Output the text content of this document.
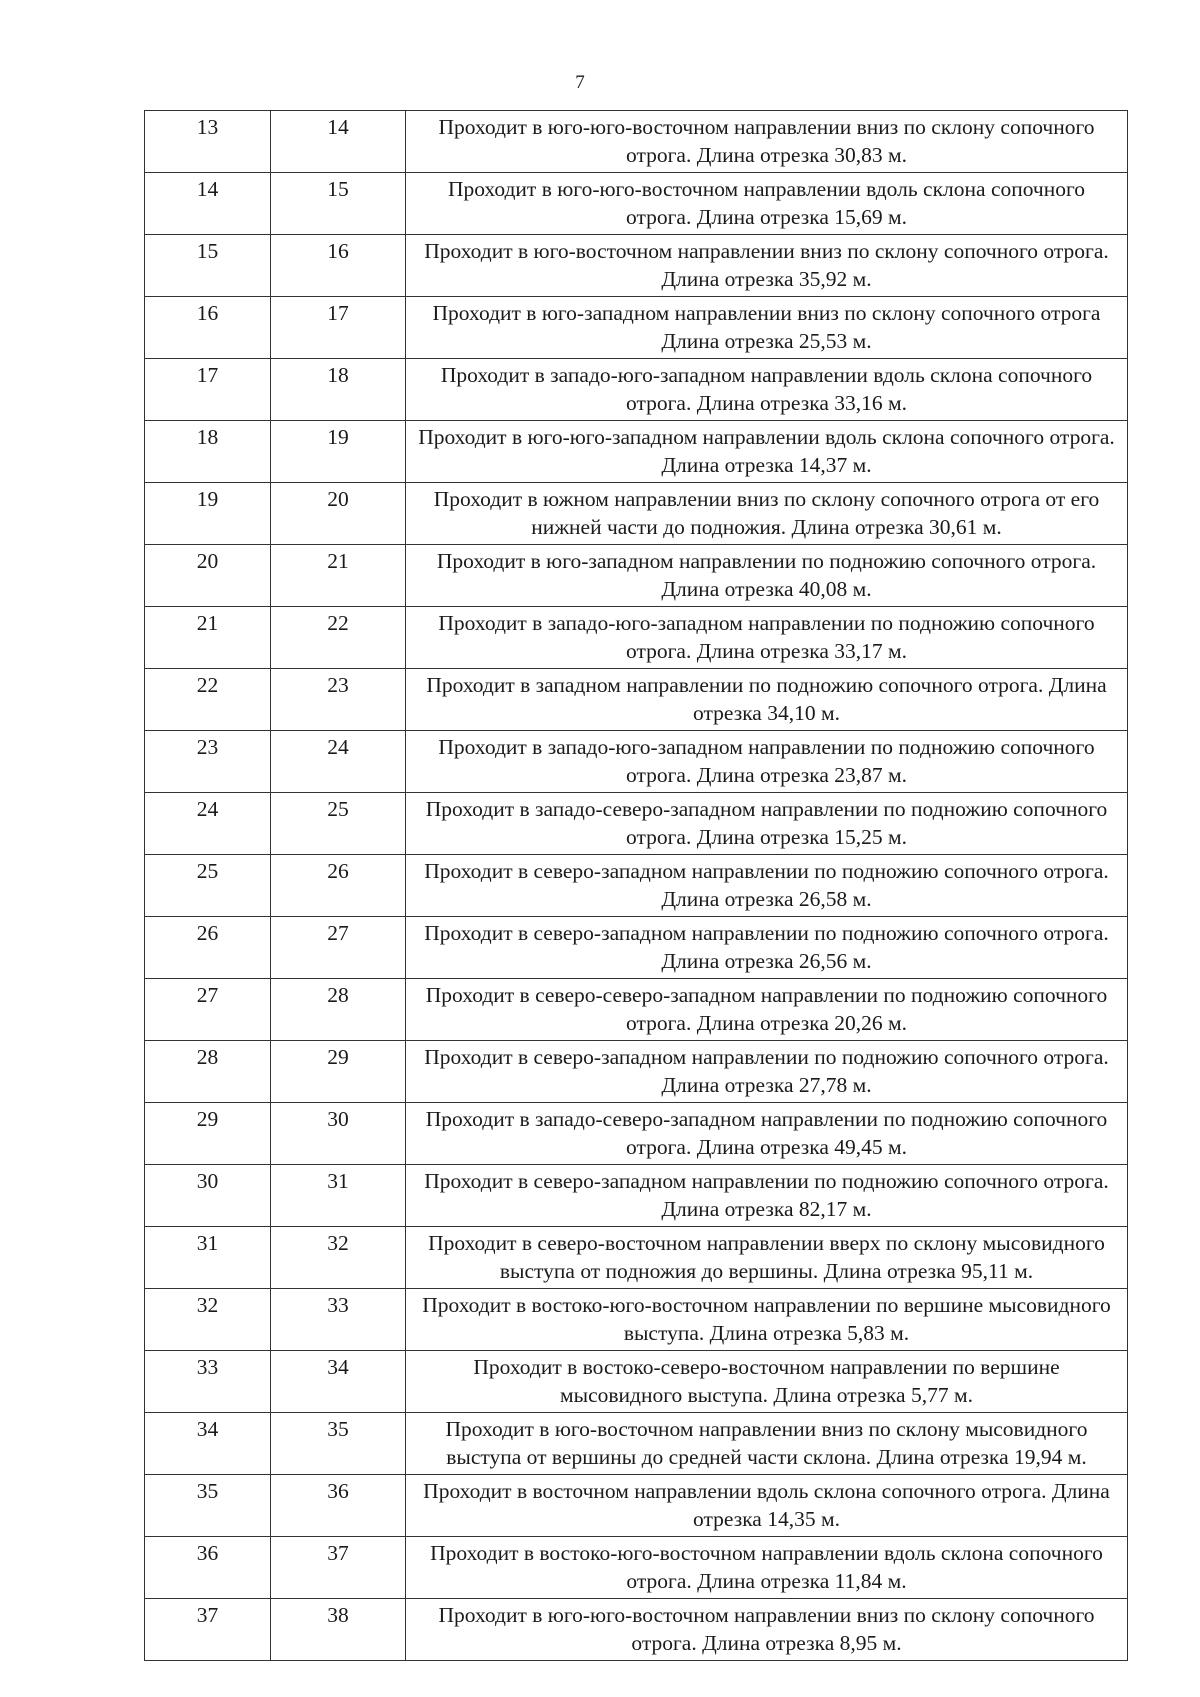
7
13	14	Проходит в юго-юго-восточном направлении вниз по склону сопочного отрога. Длина отрезка 30,83 м.
14	15	Проходит в юго-юго-восточном направлении вдоль склона сопочного отрога. Длина отрезка 15,69 м.
15	16	Проходит в юго-восточном направлении вниз по склону сопочного отрога. Длина отрезка 35,92 м.
16	17	Проходит в юго-западном направлении вниз по склону сопочного отрога Длина отрезка 25,53 м.
17	18	Проходит в западо-юго-западном направлении вдоль склона сопочного отрога. Длина отрезка 33,16 м.
18	19	Проходит в юго-юго-западном направлении вдоль склона сопочного отрога. Длина отрезка 14,37 м.
19	20	Проходит в южном направлении вниз по склону сопочного отрога от его нижней части до подножия. Длина отрезка 30,61 м.
20	21	Проходит в юго-западном направлении по подножию сопочного отрога. Длина отрезка 40,08 м.
21	22	Проходит в западо-юго-западном направлении по подножию сопочного отрога. Длина отрезка 33,17 м.
22	23	Проходит в западном направлении по подножию сопочного отрога. Длина отрезка 34,10 м.
23	24	Проходит в западо-юго-западном направлении по подножию сопочного отрога. Длина отрезка 23,87 м.
24	25	Проходит в западо-северо-западном направлении по подножию сопочного отрога. Длина отрезка 15,25 м.
25	26	Проходит в северо-западном направлении по подножию сопочного отрога. Длина отрезка 26,58 м.
26	27	Проходит в северо-западном направлении по подножию сопочного отрога. Длина отрезка 26,56 м.
27	28	Проходит в северо-северо-западном направлении по подножию сопочного отрога. Длина отрезка 20,26 м.
28	29	Проходит в северо-западном направлении по подножию сопочного отрога. Длина отрезка 27,78 м.
29	30	Проходит в западо-северо-западном направлении по подножию сопочного отрога. Длина отрезка 49,45 м.
30	31	Проходит в северо-западном направлении по подножию сопочного отрога. Длина отрезка 82,17 м.
31	32	Проходит в северо-восточном направлении вверх по склону мысовидного выступа от подножия до вершины. Длина отрезка 95,11 м.
32	33	Проходит в востоко-юго-восточном направлении по вершине мысовидного выступа. Длина отрезка 5,83 м.
33	34	Проходит в востоко-северо-восточном направлении по вершине мысовидного выступа. Длина отрезка 5,77 м.
34	35	Проходит в юго-восточном направлении вниз по склону мысовидного выступа от вершины до средней части склона. Длина отрезка 19,94 м.
35	36	Проходит в восточном направлении вдоль склона сопочного отрога. Длина отрезка 14,35 м.
36	37	Проходит в востоко-юго-восточном направлении вдоль склона сопочного отрога. Длина отрезка 11,84 м.
37	38	Проходит в юго-юго-восточном направлении вниз по склону сопочного отрога. Длина отрезка 8,95 м.
